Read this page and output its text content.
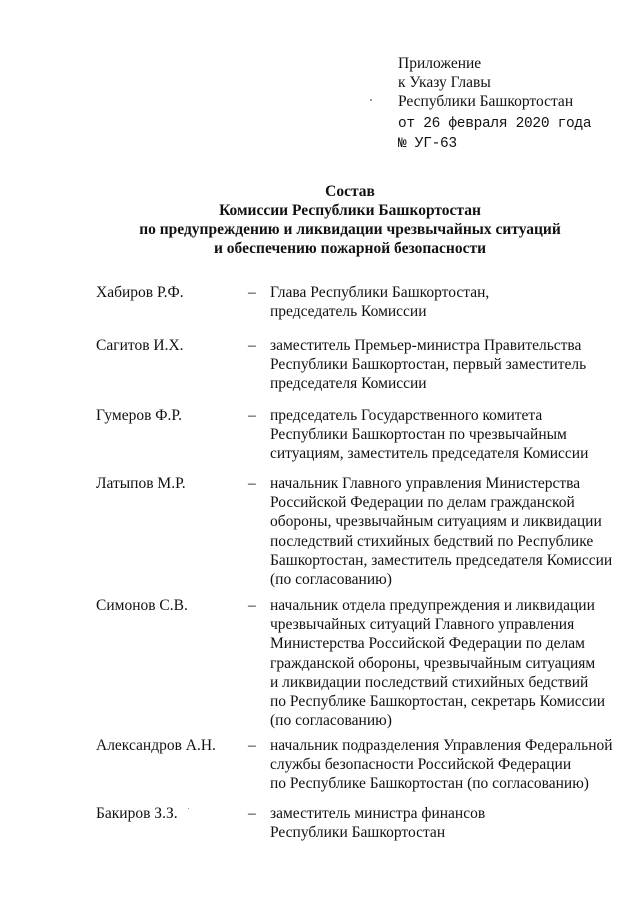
Приложение
к Указу Главы
Республики Башкортостан
от 26 февраля 2020 года
№ УГ-63
Состав
Комиссии Республики Башкортостан
по предупреждению и ликвидации чрезвычайных ситуаций
и обеспечению пожарной безопасности
Хабиров Р.Ф.	– Глава Республики Башкортостан,
председатель Комиссии
Сагитов И.Х.	– заместитель Премьер-министра Правительства
Республики Башкортостан, первый заместитель
председателя Комиссии
Гумеров Ф.Р.	– председатель Государственного комитета
Республики Башкортостан по чрезвычайным
ситуациям, заместитель председателя Комиссии
Латыпов М.Р.	– начальник Главного управления Министерства
Российской Федерации по делам гражданской
обороны, чрезвычайным ситуациям и ликвидации
последствий стихийных бедствий по Республике
Башкортостан, заместитель председателя Комиссии
(по согласованию)
Симонов С.В.	– начальник отдела предупреждения и ликвидации
чрезвычайных ситуаций Главного управления
Министерства Российской Федерации по делам
гражданской обороны, чрезвычайным ситуациям
и ликвидации последствий стихийных бедствий
по Республике Башкортостан, секретарь Комиссии
(по согласованию)
Александров А.Н. – начальник подразделения Управления Федеральной
службы безопасности Российской Федерации
по Республике Башкортостан (по согласованию)
Бакиров З.З.	– заместитель министра финансов
Республики Башкортостан
